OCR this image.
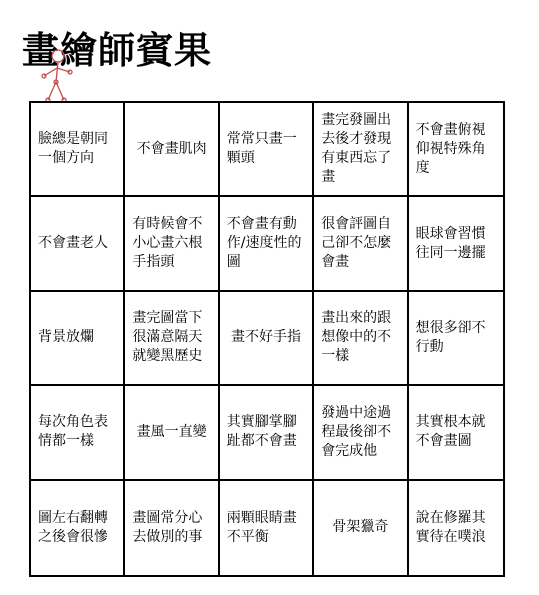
畫繪師賓果
臉總是朝同一個方向
不會畫肌肉
常常只畫一顆頭
畫完發圖出去後才發現有東西忘了畫
不會畫俯視仰視特殊角度
不會畫老人
有時候會不小心畫六根手指頭
不會畫有動作/速度性的圖
很會評圖自己卻不怎麼會畫
眼球會習慣往同一邊擺
背景放爛
畫完圖當下很滿意隔天就變黑歷史
畫不好手指
畫出來的跟想像中的不一樣
想很多卻不行動
每次角色表情都一樣
畫風一直變
其實腳掌腳趾都不會畫
發過中途過程最後卻不會完成他
其實根本就不會畫圖
圖左右翻轉之後會很慘
畫圖常分心去做別的事
兩顆眼睛畫不平衡
骨架獵奇
說在修羅其實待在噗浪
